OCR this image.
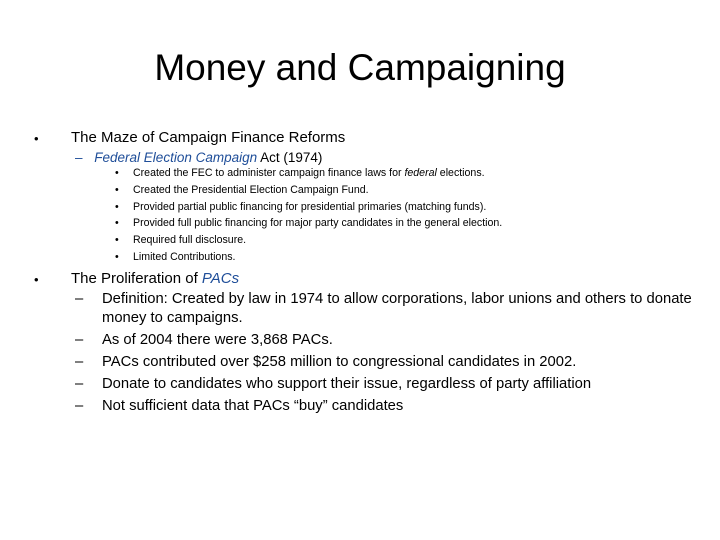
Money and Campaigning
• The Maze of Campaign Finance Reforms
– Federal Election Campaign Act (1974)
• Created the FEC to administer campaign finance laws for federal elections.
• Created the Presidential Election Campaign Fund.
• Provided partial public financing for presidential primaries (matching funds).
• Provided full public financing for major party candidates in the general election.
• Required full disclosure.
• Limited Contributions.
• The Proliferation of PACs
– Definition: Created by law in 1974 to allow corporations, labor unions and others to donate money to campaigns.
– As of 2004 there were 3,868 PACs.
– PACs contributed over $258 million to congressional candidates in 2002.
– Donate to candidates who support their issue, regardless of party affiliation
– Not sufficient data that PACs “buy” candidates
